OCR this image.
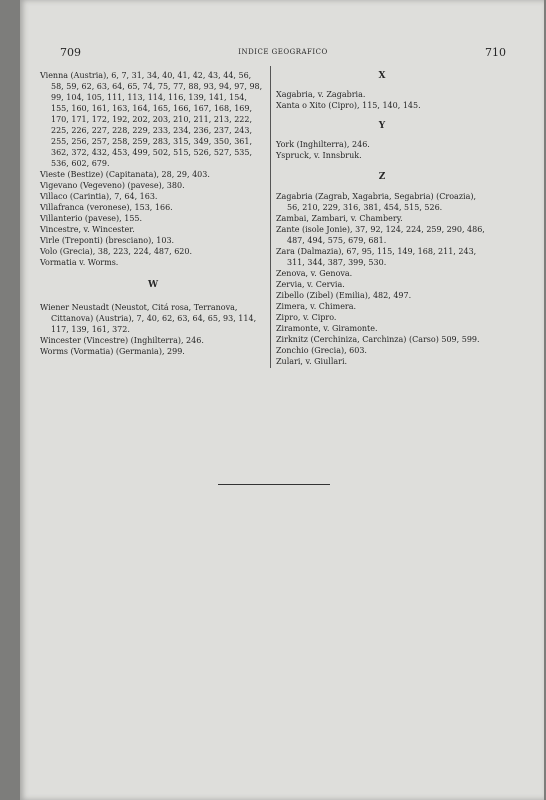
709	INDICE GEOGRAFICO	710

Vienna (Austria), 6, 7, 31, 34, 40, 41, 42, 43, 44, 56, 58, 59, 62, 63, 64, 65, 74, 75, 77, 88, 93, 94, 97, 98, 99, 104, 105, 111, 113, 114, 116, 139, 141, 154, 155, 160, 161, 163, 164, 165, 166, 167, 168, 169, 170, 171, 172, 192, 202, 203, 210, 211, 213, 222, 225, 226, 227, 228, 229, 233, 234, 236, 237, 243, 255, 256, 257, 258, 259, 283, 315, 349, 350, 361, 362, 372, 432, 453, 499, 502, 515, 526, 527, 535, 536, 602, 679.

Vieste (Bestize) (Capitanata), 28, 29, 403.

Vigevano (Vegeveno) (pavese), 380.

Villaco (Carintia), 7, 64, 163.

Villafranca (veronese), 153, 166.

Villanterio (pavese), 155.

Vincestre, v. Wincester.

Virle (Treponti) (bresciano), 103.

Volo (Grecia), 38, 223, 224, 487, 620.

Vormatia v. Worms.

W

Wiener Neustadt (Neustot, Citá rosa, Terranova, Cittanova) (Austria), 7, 40, 62, 63, 64, 65, 93, 114, 117, 139, 161, 372.

Wincester (Vincestre) (Inghilterra), 246.

Worms (Vormatia) (Germania), 299.

X

Xagabria, v. Zagabria.

Xanta o Xito (Cipro), 115, 140, 145.

Y

York (Inghilterra), 246.

Yspruck, v. Innsbruk.

Z

Zagabria (Zagrab, Xagabria, Segabria) (Croazia), 56, 210, 229, 316, 381, 454, 515, 526.

Zambai, Zambari, v. Chambery.

Zante (isole Jonie), 37, 92, 124, 224, 259, 290, 486, 487, 494, 575, 679, 681.

Zara (Dalmazia), 67, 95, 115, 149, 168, 211, 243, 311, 344, 387, 399, 530.

Zenova, v. Genova.

Zervia, v. Cervia.

Zibello (Zibel) (Emilia), 482, 497.

Zimera, v. Chimera.

Zipro, v. Cipro.

Ziramonte, v. Giramonte.

Zirknitz (Cerchiniza, Carchinza) (Carso) 509, 599.

Zonchio (Grecia), 603.

Zulari, v. Giullari.
